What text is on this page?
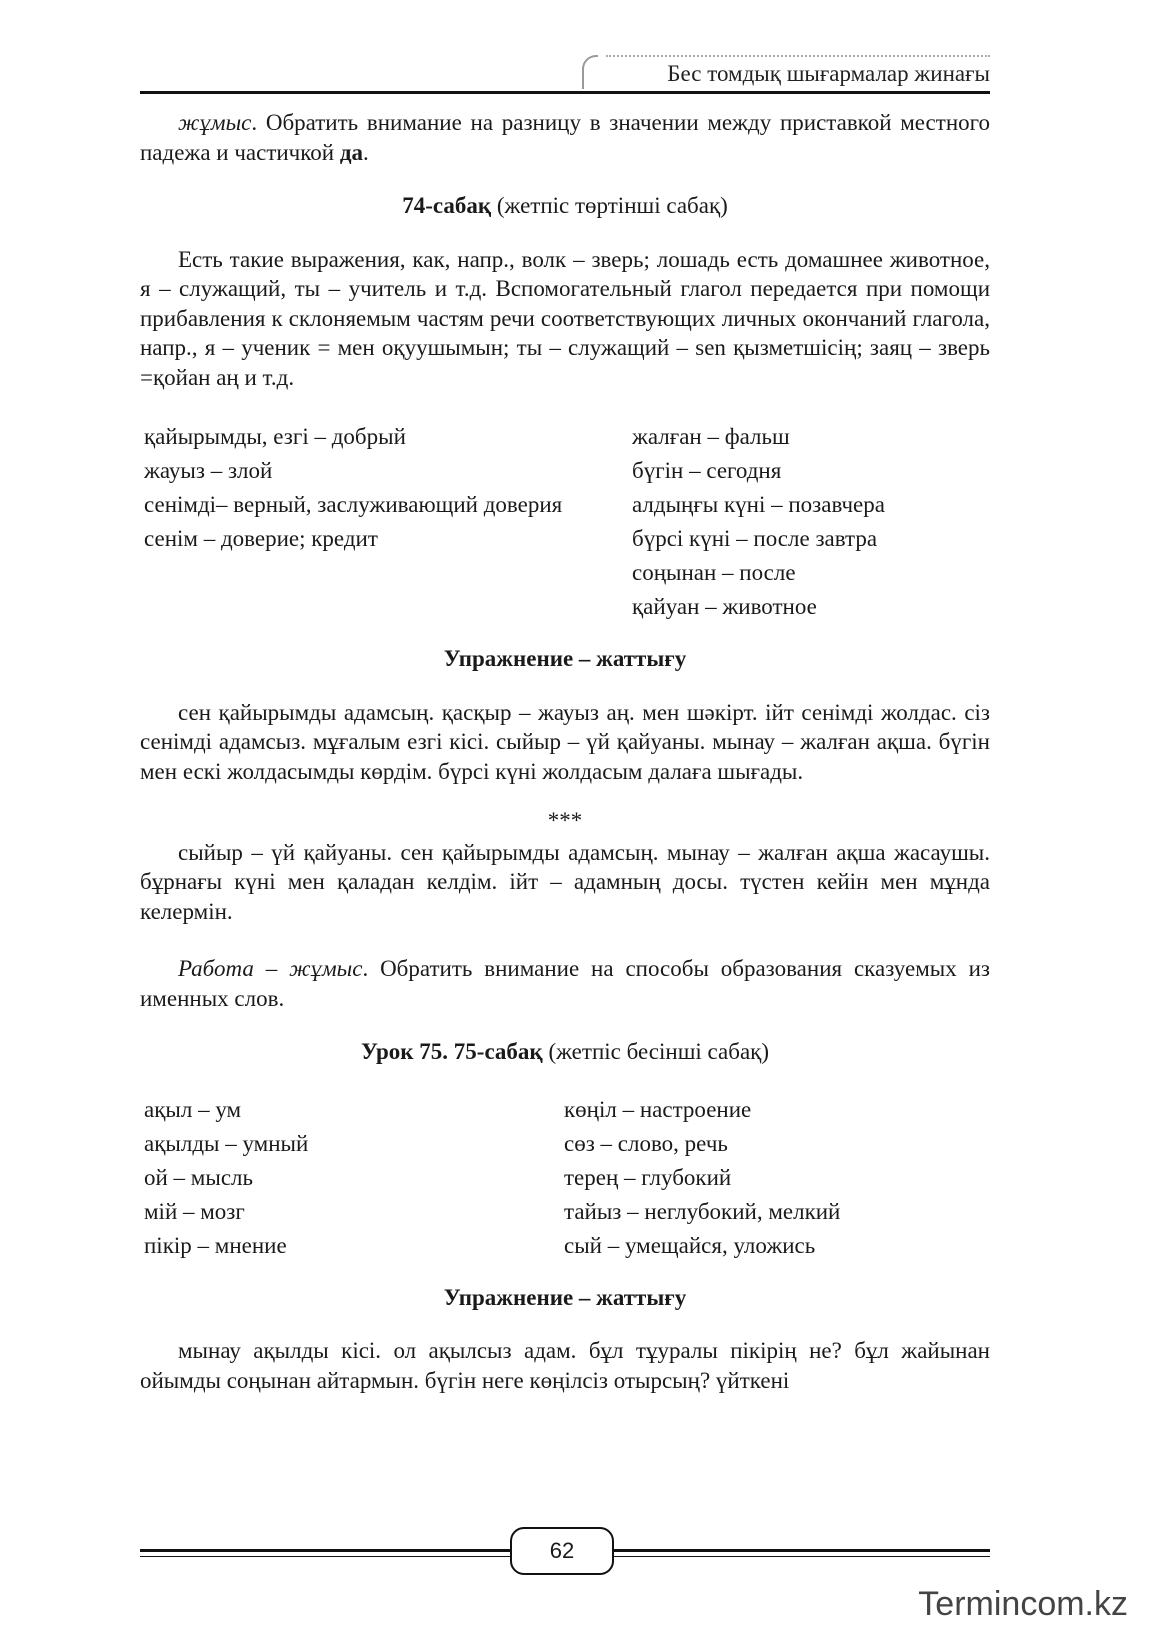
Бес томдық шығармалар жинағы

жұмыс. Обратить внимание на разницу в значении между приставкой местного падежа и частичкой да.

74-сабақ (жетпіс төртінші сабақ)

Есть такие выражения, как, напр., волк – зверь; лошадь есть домашнее животное, я – служащий, ты – учитель и т.д. Вспомогательный глагол передается при помощи прибавления к склоняемым частям речи соответствующих личных окончаний глагола, напр., я – ученик = мен оқуушымын; ты – служащий – sen қызметшісің; заяц – зверь =қойан аң и т.д.

қайырымды, езгі – добрый
жауыз – злой
сенімді– верный, заслуживающий доверия
сенім – доверие; кредит
жалған – фальш
бүгін – сегодня
алдыңғы күні – позавчера
бүрсі күні – после завтра
соңынан – после
қайуан – животное

Упражнение – жаттығу

сен қайырымды адамсың. қасқыр – жауыз аң. мен шәкірт. ійт сенімді жолдас. сіз сенімді адамсыз. мұғалым езгі кісі. сыйыр – үй қайуаны. мынау – жалған ақша. бүгін мен ескі жолдасымды көрдім. бүрсі күні жолдасым далаға шығады.

***

сыйыр – үй қайуаны. сен қайырымды адамсың. мынау – жалған ақша жасаушы. бұрнағы күні мен қаладан келдім. ійт – адамның досы. түстен кейін мен мұнда келермін.

Работа – жұмыс. Обратить внимание на способы образования сказуемых из именных слов.

Урок 75. 75-сабақ (жетпіс бесінші сабақ)

ақыл – ум
ақылды – умный
ой – мысль
мій – мозг
пікір – мнение
көңіл – настроение
сөз – слово, речь
терең – глубокий
тайыз – неглубокий, мелкий
сый – умещайся, уложись

Упражнение – жаттығу

мынау ақылды кісі. ол ақылсыз адам. бұл тұуралы пікірің не? бұл жайынан ойымды соңынан айтармын. бүгін неге көңілсіз отырсың? үйткені

62
Termincom.kz
